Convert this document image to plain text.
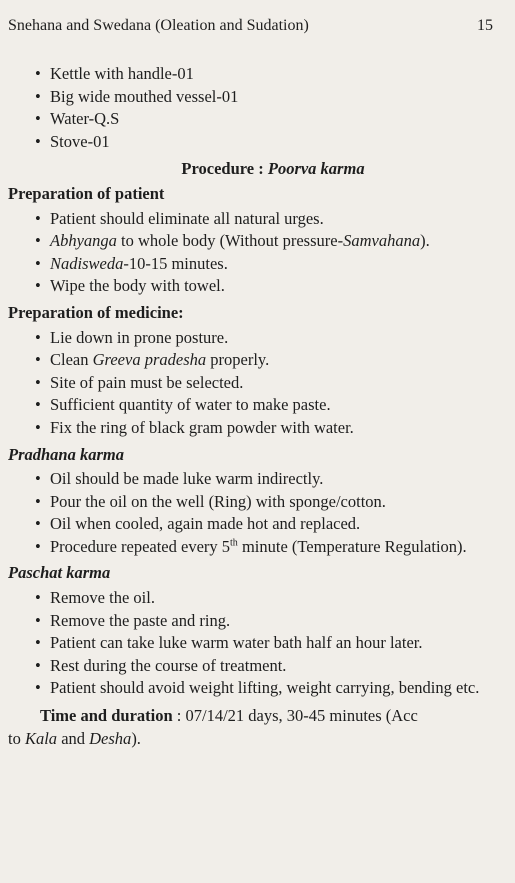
Snehana and Swedana (Oleation and Sudation)	15
• Kettle with handle-01
• Big wide mouthed vessel-01
• Water-Q.S
• Stove-01
Procedure : Poorva karma
Preparation of patient
• Patient should eliminate all natural urges.
• Abhyanga to whole body (Without pressure-Samvahana).
• Nadisweda-10-15 minutes.
• Wipe the body with towel.
Preparation of medicine:
• Lie down in prone posture.
• Clean Greeva pradesha properly.
• Site of pain must be selected.
• Sufficient quantity of water to make paste.
• Fix the ring of black gram powder with water.
Pradhana karma
• Oil should be made luke warm indirectly.
• Pour the oil on the well (Ring) with sponge/cotton.
• Oil when cooled, again made hot and replaced.
• Procedure repeated every 5th minute (Temperature Regulation).
Paschat karma
• Remove the oil.
• Remove the paste and ring.
• Patient can take luke warm water bath half an hour later.
• Rest during the course of treatment.
• Patient should avoid weight lifting, weight carrying, bending etc.
Time and duration : 07/14/21 days, 30-45 minutes (Acc
to Kala and Desha).
